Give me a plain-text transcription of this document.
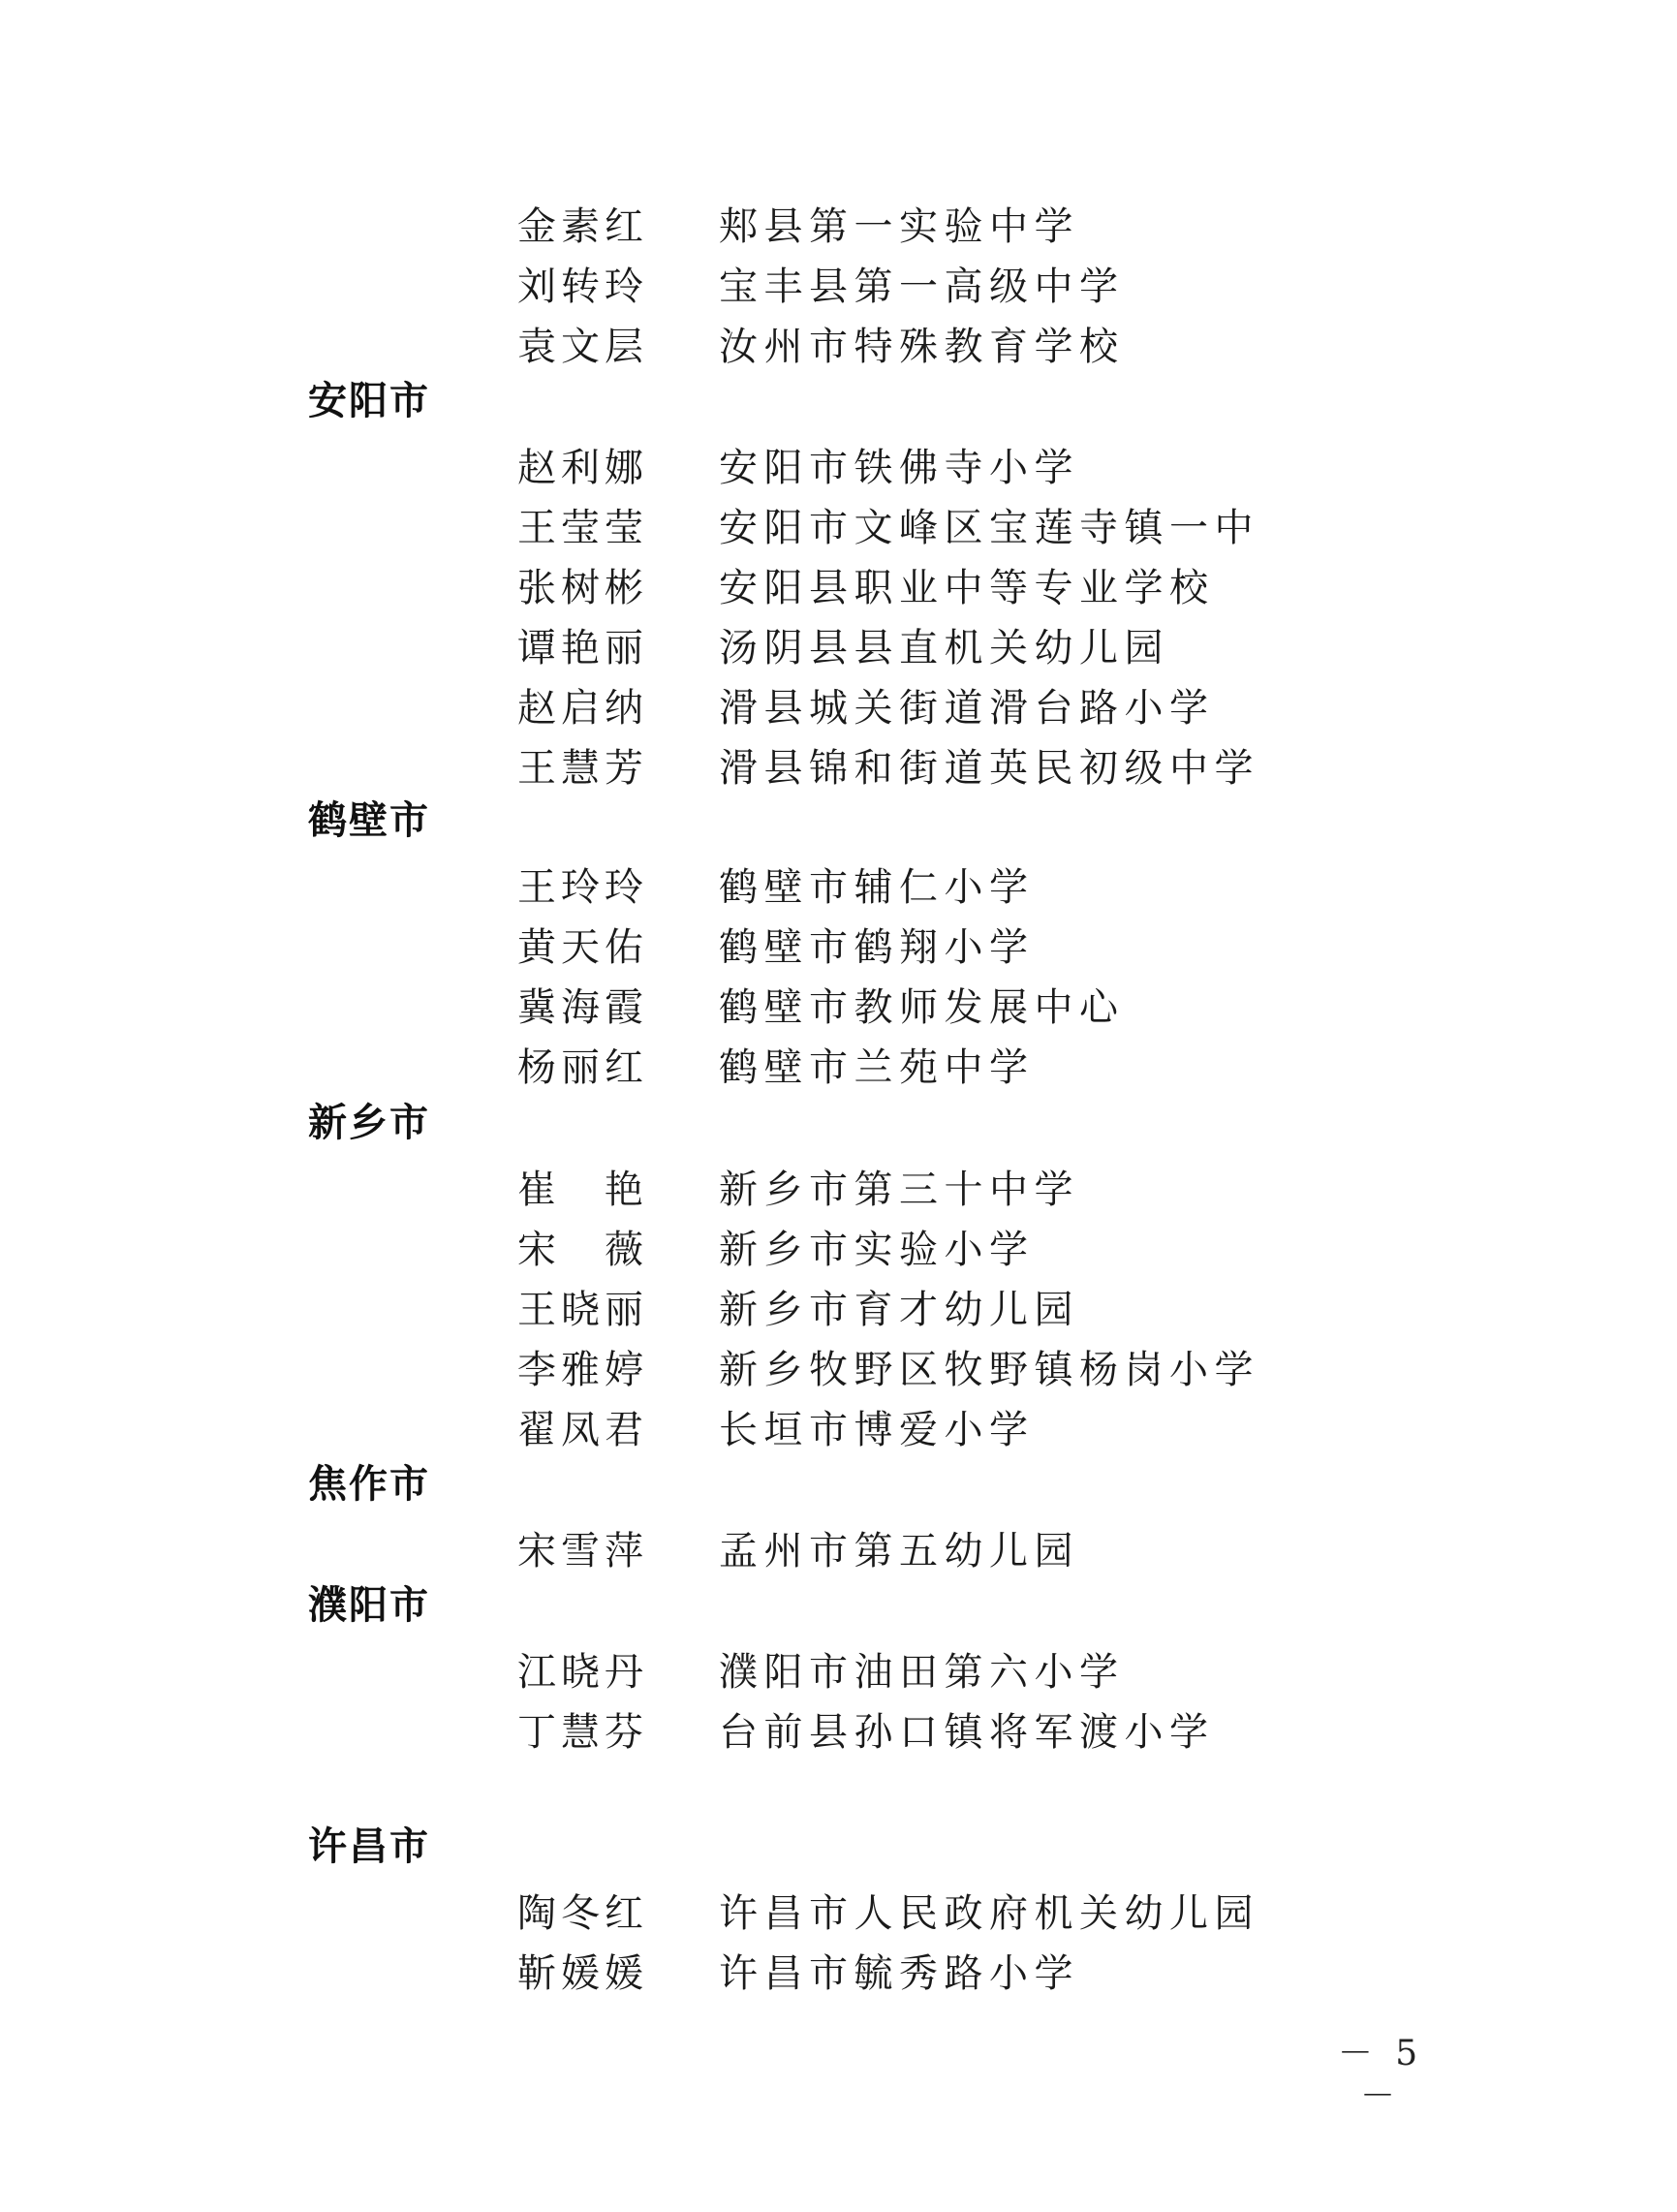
金素红 郏县第一实验中学
刘转玲 宝丰县第一高级中学
袁文层 汝州市特殊教育学校
安阳市
赵利娜 安阳市铁佛寺小学
王莹莹 安阳市文峰区宝莲寺镇一中
张树彬 安阳县职业中等专业学校
谭艳丽 汤阴县县直机关幼儿园
赵启纳 滑县城关街道滑台路小学
王慧芳 滑县锦和街道英民初级中学
鹤壁市
王玲玲 鹤壁市辅仁小学
黄天佑 鹤壁市鹤翔小学
冀海霞 鹤壁市教师发展中心
杨丽红 鹤壁市兰苑中学
新乡市
崔艳 新乡市第三十中学
宋薇 新乡市实验小学
王晓丽 新乡市育才幼儿园
李雅婷 新乡牧野区牧野镇杨岗小学
翟凤君 长垣市博爱小学
焦作市
宋雪萍 孟州市第五幼儿园
濮阳市
江晓丹 濮阳市油田第六小学
丁慧芬 台前县孙口镇将军渡小学
许昌市
陶冬红 许昌市人民政府机关幼儿园
靳媛媛 许昌市毓秀路小学
－ 5 －
